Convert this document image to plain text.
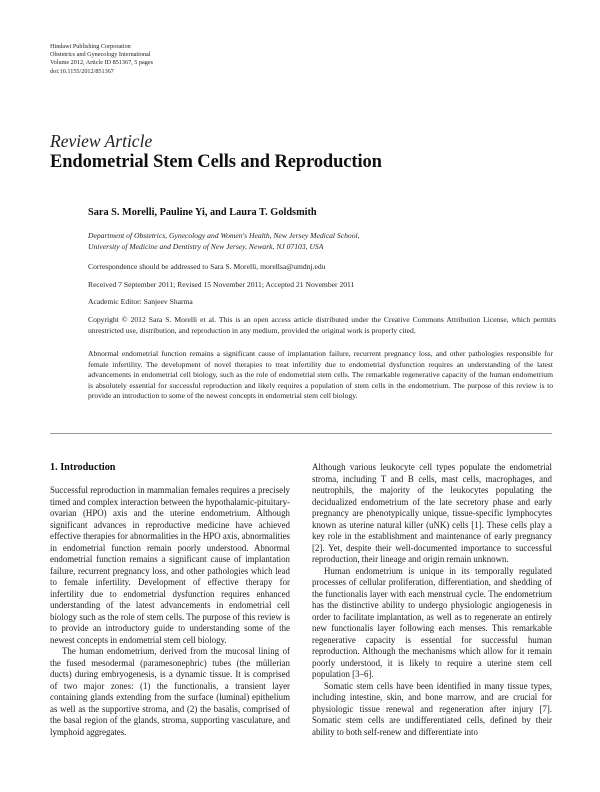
Hindawi Publishing Corporation
Obstetrics and Gynecology International
Volume 2012, Article ID 851367, 5 pages
doi:10.1155/2012/851367
Review Article
Endometrial Stem Cells and Reproduction
Sara S. Morelli, Pauline Yi, and Laura T. Goldsmith
Department of Obstetrics, Gynecology and Women's Health, New Jersey Medical School,
University of Medicine and Dentistry of New Jersey, Newark, NJ 07103, USA
Correspondence should be addressed to Sara S. Morelli, morellsa@umdnj.edu
Received 7 September 2011; Revised 15 November 2011; Accepted 21 November 2011
Academic Editor: Sanjeev Sharma
Copyright © 2012 Sara S. Morelli et al. This is an open access article distributed under the Creative Commons Attribution License, which permits unrestricted use, distribution, and reproduction in any medium, provided the original work is properly cited.
Abnormal endometrial function remains a significant cause of implantation failure, recurrent pregnancy loss, and other pathologies responsible for female infertility. The development of novel therapies to treat infertility due to endometrial dysfunction requires an understanding of the latest advancements in endometrial cell biology, such as the role of endometrial stem cells. The remarkable regenerative capacity of the human endometrium is absolutely essential for successful reproduction and likely requires a population of stem cells in the endometrium. The purpose of this review is to provide an introduction to some of the newest concepts in endometrial stem cell biology.
1. Introduction

Successful reproduction in mammalian females requires a precisely timed and complex interaction between the hypothalamic-pituitary-ovarian (HPO) axis and the uterine endometrium. Although significant advances in reproductive medicine have achieved effective therapies for abnormalities in the HPO axis, abnormalities in endometrial function remain poorly understood. Abnormal endometrial function remains a significant cause of implantation failure, recurrent pregnancy loss, and other pathologies which lead to female infertility. Development of effective therapy for infertility due to endometrial dysfunction requires enhanced understanding of the latest advancements in endometrial cell biology such as the role of stem cells. The purpose of this review is to provide an introductory guide to understanding some of the newest concepts in endometrial stem cell biology.

The human endometrium, derived from the mucosal lining of the fused mesodermal (paramesonephric) tubes (the müllerian ducts) during embryogenesis, is a dynamic tissue. It is comprised of two major zones: (1) the functionalis, a transient layer containing glands extending from the surface (luminal) epithelium as well as the supportive stroma, and (2) the basalis, comprised of the basal region of the glands, stroma, supporting vasculature, and lymphoid aggregates.

Although various leukocyte cell types populate the endometrial stroma, including T and B cells, mast cells, macrophages, and neutrophils, the majority of the leukocytes populating the decidualized endometrium of the late secretory phase and early pregnancy are phenotypically unique, tissue-specific lymphocytes known as uterine natural killer (uNK) cells [1]. These cells play a key role in the establishment and maintenance of early pregnancy [2]. Yet, despite their well-documented importance to successful reproduction, their lineage and origin remain unknown.

Human endometrium is unique in its temporally regulated processes of cellular proliferation, differentiation, and shedding of the functionalis layer with each menstrual cycle. The endometrium has the distinctive ability to undergo physiologic angiogenesis in order to facilitate implantation, as well as to regenerate an entirely new functionalis layer following each menses. This remarkable regenerative capacity is essential for successful human reproduction. Although the mechanisms which allow for it remain poorly understood, it is likely to require a uterine stem cell population [3–6].

Somatic stem cells have been identified in many tissue types, including intestine, skin, and bone marrow, and are crucial for physiologic tissue renewal and regeneration after injury [7]. Somatic stem cells are undifferentiated cells, defined by their ability to both self-renew and differentiate into
